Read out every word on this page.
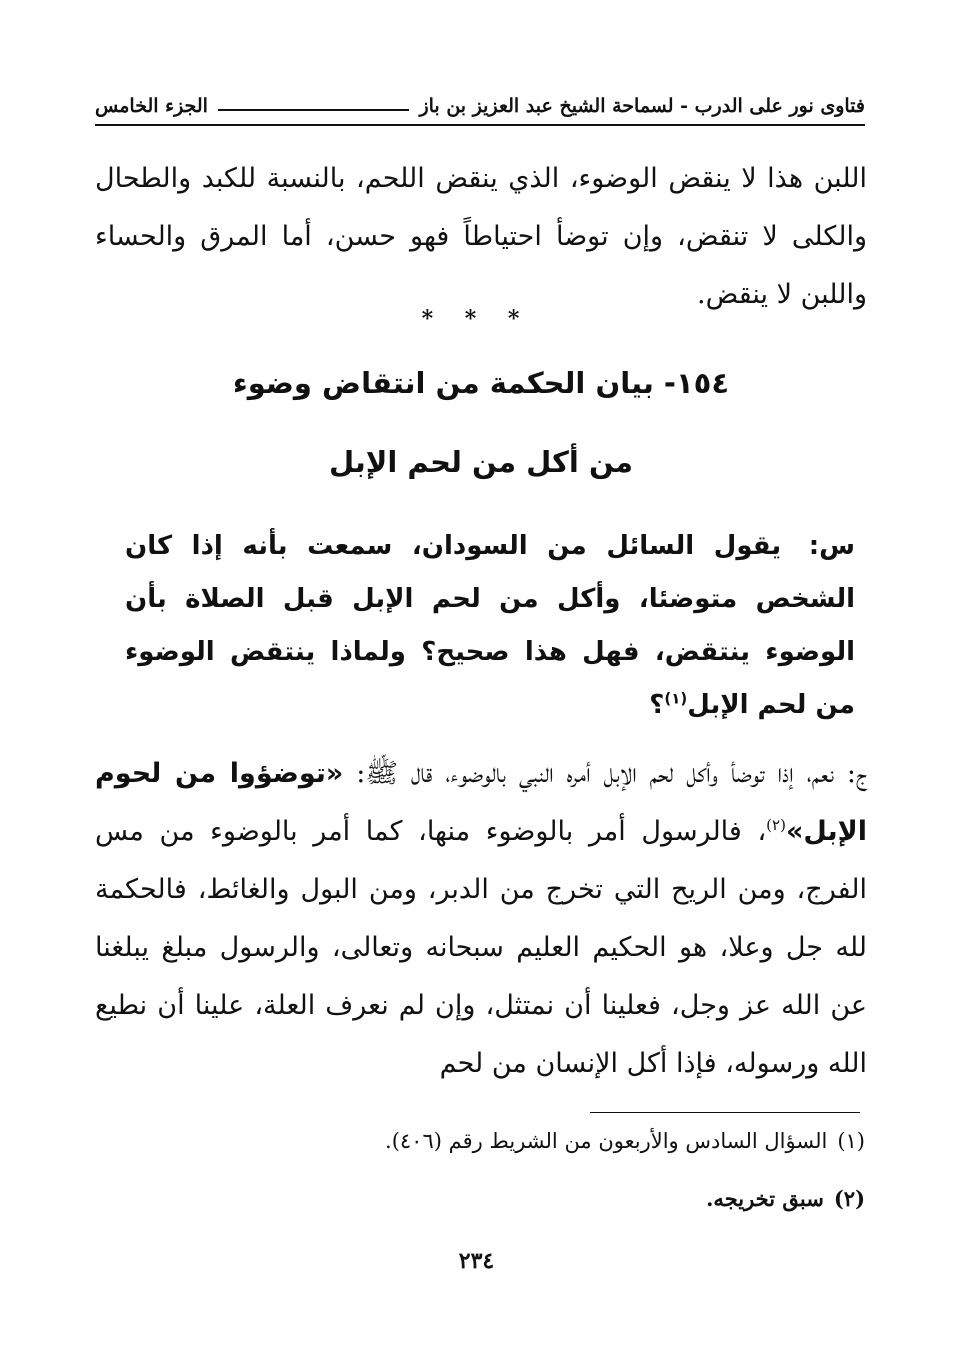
فتاوى نور على الدرب - لسماحة الشيخ عبد العزيز بن باز
الجزء الخامس

اللبن هذا لا ينقض الوضوء، الذي ينقض اللحم، بالنسبة للكبد والطحال والكلى لا تنقض، وإن توضأ احتياطاً فهو حسن، أما المرق والحساء واللبن لا ينقض.

* * *
١٥٤- بيان الحكمة من انتقاض وضوء
من أكل من لحم الإبل

س: يقول السائل من السودان، سمعت بأنه إذا كان الشخص متوضئا، وأكل من لحم الإبل قبل الصلاة بأن الوضوء ينتقض، فهل هذا صحيح؟ ولماذا ينتقض الوضوء من لحم الإبل$^{(١)}$؟

ج: نعم، إذا توضأ وأكل لحم الإبل أمره النبي بالوضوء، قال ﷺ: «توضؤوا من لحوم الإبل»$^{(٢)}$، فالرسول أمر بالوضوء منها، كما أمر بالوضوء من مس الفرج، ومن الريح التي تخرج من الدبر، ومن البول والغائط، فالحكمة لله جل وعلا، هو الحكيم العليم سبحانه وتعالى، والرسول مبلغ يبلغنا عن الله عز وجل، فعلينا أن نمتثل، وإن لم نعرف العلة، علينا أن نطيع الله ورسوله، فإذا أكل الإنسان من لحم

(١)السؤال السادس والأربعون من الشريط رقم (٤٠٦).
(٢)سبق تخريجه.
٢٣٤
